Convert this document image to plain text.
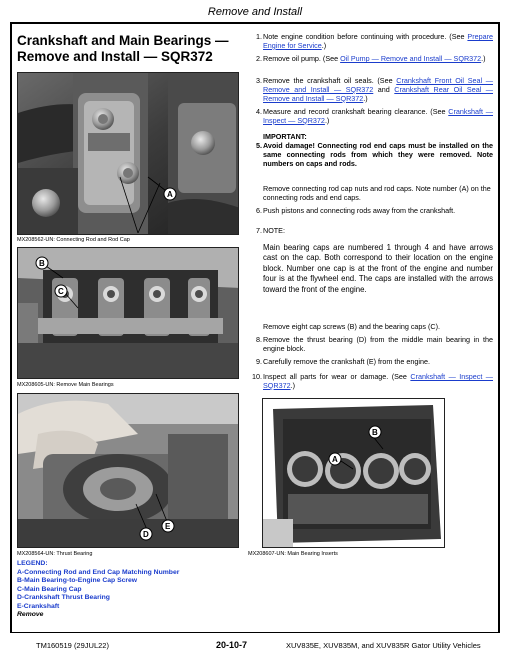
Remove and Install
Crankshaft and Main Bearings — Remove and Install — SQR372
A
MX208562-UN: Connecting Rod and Rod Cap
B
C
MX208605-UN: Remove Main Bearings
D
E
MX208564-UN: Thrust Bearing
B
A
MX208607-UN: Main Bearing Inserts
LEGEND:
A-Connecting Rod and End Cap Matching Number
B-Main Bearing-to-Engine Cap Screw
C-Main Bearing Cap
D-Crankshaft Thrust Bearing
E-Crankshaft
Remove
1. Note engine condition before continuing with procedure. (See Prepare Engine for Service.)
2. Remove oil pump. (See Oil Pump — Remove and Install — SQR372.)
3. Remove the crankshaft oil seals. (See Crankshaft Front Oil Seal — Remove and Install — SQR372 and Crankshaft Rear Oil Seal — Remove and Install — SQR372.)
4. Measure and record crankshaft bearing clearance. (See Crankshaft — Inspect — SQR372.)
IMPORTANT:
5. Avoid damage! Connecting rod end caps must be installed on the same connecting rods from which they were removed. Note numbers on caps and rods.
Remove connecting rod cap nuts and rod caps. Note number (A) on the connecting rods and end caps.
6. Push pistons and connecting rods away from the crankshaft.
7. NOTE:
Main bearing caps are numbered 1 through 4 and have arrows cast on the cap. Both correspond to their location on the engine block. Number one cap is at the front of the engine and number four is at the flywheel end. The caps are installed with the arrows toward the front of the engine.
Remove eight cap screws (B) and the bearing caps (C).
8. Remove the thrust bearing (D) from the middle main bearing in the engine block.
9. Carefully remove the crankshaft (E) from the engine.
10. Inspect all parts for wear or damage. (See Crankshaft — Inspect — SQR372.)
TM160519 (29JUL22)	20-10-7	XUV835E, XUV835M, and XUV835R Gator Utility Vehicles
